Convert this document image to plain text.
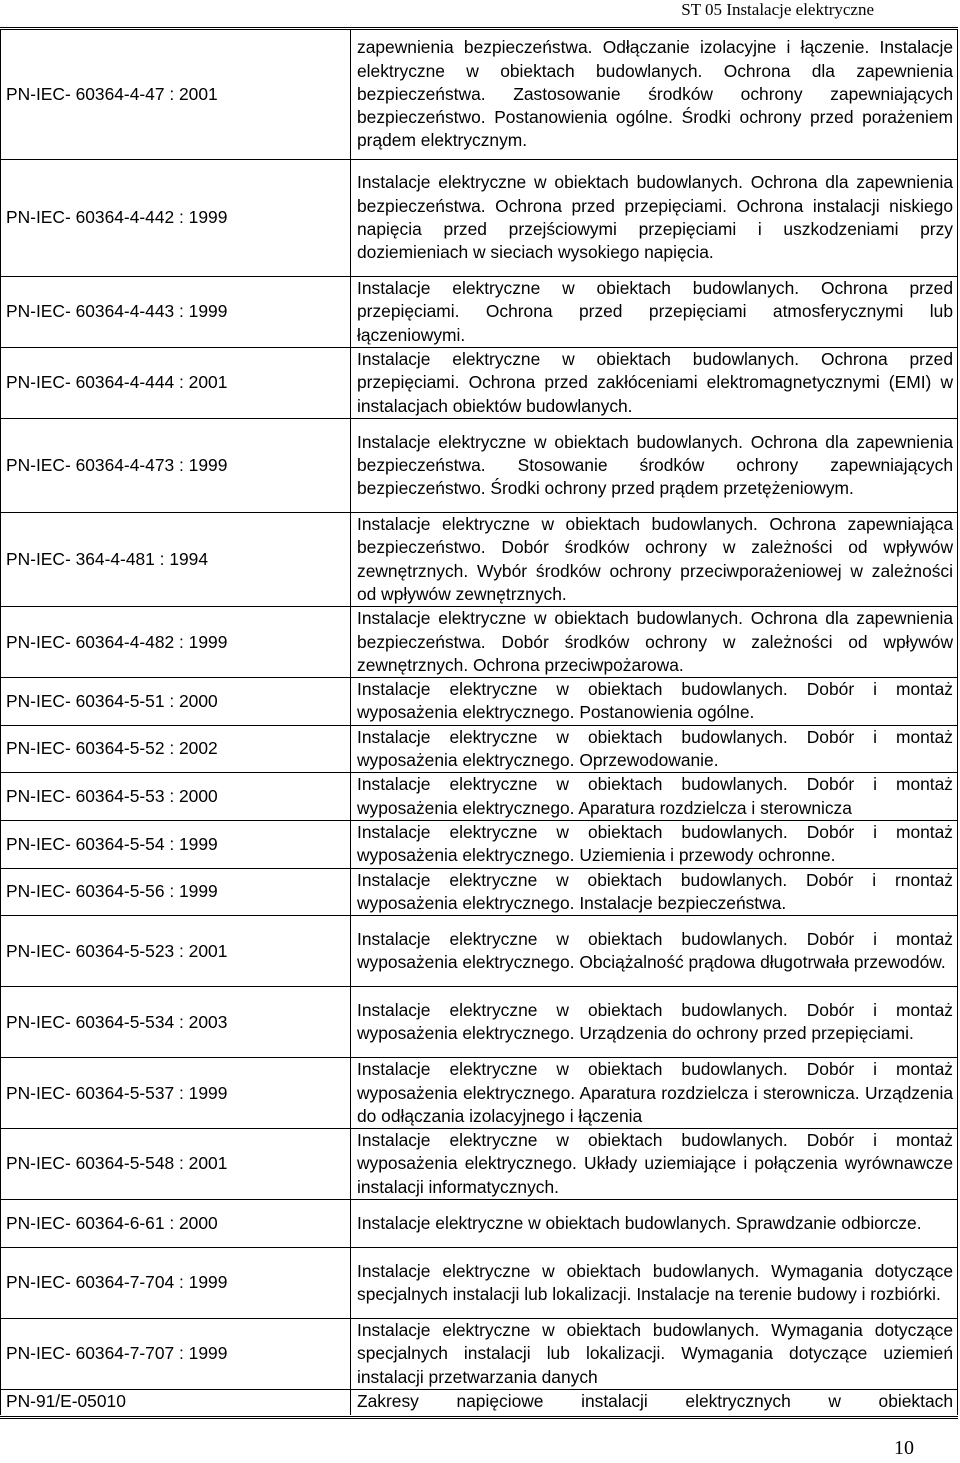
ST 05 Instalacje elektryczne
PN-IEC- 60364-4-47 : 2001	zapewnienia bezpieczeństwa. Odłączanie izolacyjne i łączenie. Instalacje elektryczne w obiektach budowlanych. Ochrona dla zapewnienia bezpieczeństwa. Zastosowanie środków ochrony zapewniających bezpieczeństwo. Postanowienia ogólne. Środki ochrony przed porażeniem prądem elektrycznym.
PN-IEC- 60364-4-442 : 1999	Instalacje elektryczne w obiektach budowlanych. Ochrona dla zapewnienia bezpieczeństwa. Ochrona przed przepięciami. Ochrona instalacji niskiego napięcia przed przejściowymi przepięciami i uszkodzeniami przy doziemieniach w sieciach wysokiego napięcia.
PN-IEC- 60364-4-443 : 1999	Instalacje elektryczne w obiektach budowlanych. Ochrona przed przepięciami. Ochrona przed przepięciami atmosferycznymi lub łączeniowymi.
PN-IEC- 60364-4-444 : 2001	Instalacje elektryczne w obiektach budowlanych. Ochrona przed przepięciami. Ochrona przed zakłóceniami elektromagnetycznymi (EMI) w instalacjach obiektów budowlanych.
PN-IEC- 60364-4-473 : 1999	Instalacje elektryczne w obiektach budowlanych. Ochrona dla zapewnienia bezpieczeństwa. Stosowanie środków ochrony zapewniających bezpieczeństwo. Środki ochrony przed prądem przetężeniowym.
PN-IEC- 364-4-481 : 1994	Instalacje elektryczne w obiektach budowlanych. Ochrona zapewniająca bezpieczeństwo. Dobór środków ochrony w zależności od wpływów zewnętrznych. Wybór środków ochrony przeciwporażeniowej w zależności od wpływów zewnętrznych.
PN-IEC- 60364-4-482 : 1999	Instalacje elektryczne w obiektach budowlanych. Ochrona dla zapewnienia bezpieczeństwa. Dobór środków ochrony w zależności od wpływów zewnętrznych. Ochrona przeciwpożarowa.
PN-IEC- 60364-5-51 : 2000	Instalacje elektryczne w obiektach budowlanych. Dobór i montaż wyposażenia elektrycznego. Postanowienia ogólne.
PN-IEC- 60364-5-52 : 2002	Instalacje elektryczne w obiektach budowlanych. Dobór i montaż wyposażenia elektrycznego. Oprzewodowanie.
PN-IEC- 60364-5-53 : 2000	Instalacje elektryczne w obiektach budowlanych. Dobór i montaż wyposażenia elektrycznego. Aparatura rozdzielcza i sterownicza
PN-IEC- 60364-5-54 : 1999	Instalacje elektryczne w obiektach budowlanych. Dobór i montaż wyposażenia elektrycznego. Uziemienia i przewody ochronne.
PN-IEC- 60364-5-56 : 1999	Instalacje elektryczne w obiektach budowlanych. Dobór i rnontaż wyposażenia elektrycznego. Instalacje bezpieczeństwa.
PN-IEC- 60364-5-523 : 2001	Instalacje elektryczne w obiektach budowlanych. Dobór i montaż wyposażenia elektrycznego. Obciążalność prądowa długotrwała przewodów.
PN-IEC- 60364-5-534 : 2003	Instalacje elektryczne w obiektach budowlanych. Dobór i montaż wyposażenia elektrycznego. Urządzenia do ochrony przed przepięciami.
PN-IEC- 60364-5-537 : 1999	Instalacje elektryczne w obiektach budowlanych. Dobór i montaż wyposażenia elektrycznego. Aparatura rozdzielcza i sterownicza. Urządzenia do odłączania izolacyjnego i łączenia
PN-IEC- 60364-5-548 : 2001	Instalacje elektryczne w obiektach budowlanych. Dobór i montaż wyposażenia elektrycznego. Układy uziemiające i połączenia wyrównawcze instalacji informatycznych.
PN-IEC- 60364-6-61 : 2000	Instalacje elektryczne w obiektach budowlanych. Sprawdzanie odbiorcze.
PN-IEC- 60364-7-704 : 1999	Instalacje elektryczne w obiektach budowlanych. Wymagania dotyczące specjalnych instalacji lub lokalizacji. Instalacje na terenie budowy i rozbiórki.
PN-IEC- 60364-7-707 : 1999	Instalacje elektryczne w obiektach budowlanych. Wymagania dotyczące specjalnych instalacji lub lokalizacji. Wymagania dotyczące uziemień instalacji przetwarzania danych
PN-91/E-05010	Zakresy napięciowe instalacji elektrycznych w obiektach
10
